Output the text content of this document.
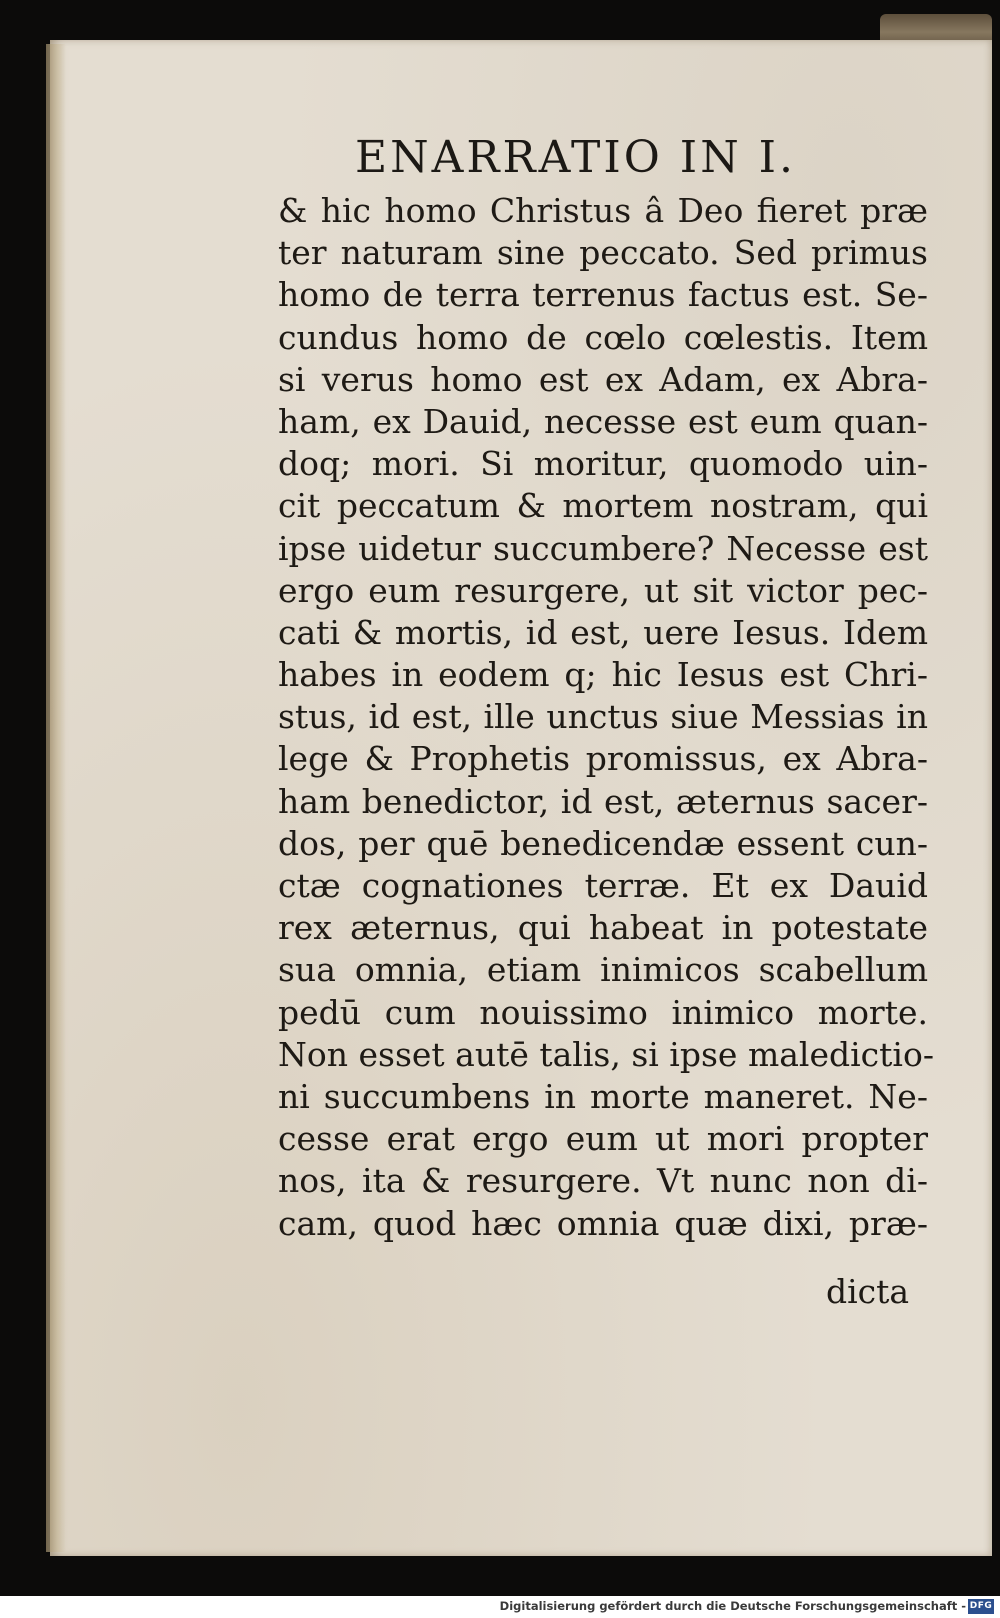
ENARRATIO IN I.
& hic homo Christus â Deo fieret præ
ter naturam sine peccato. Sed primus
homo de terra terrenus factus est. Se-
cundus homo de cœlo cœlestis. Item
si verus homo est ex Adam, ex Abra-
ham, ex Dauid, necesse est eum quan-
doq; mori. Si moritur, quomodo uin-
cit peccatum & mortem nostram, qui
ipse uidetur succumbere? Necesse est
ergo eum resurgere, ut sit victor pec-
cati & mortis, id est, uere Iesus. Idem
habes in eodem q; hic Iesus est Chri-
stus, id est, ille unctus siue Messias in
lege & Prophetis promissus, ex Abra-
ham benedictor, id est, æternus sacer-
dos, per quē benedicendæ essent cun-
ctæ cognationes terræ. Et ex Dauid
rex æternus, qui habeat in potestate
sua omnia, etiam inimicos scabellum
pedū cum nouissimo inimico morte.
Non esset autē talis, si ipse maledictio-
ni succumbens in morte maneret. Ne-
cesse erat ergo eum ut mori propter
nos, ita & resurgere. Vt nunc non di-
cam, quod hæc omnia quæ dixi, præ-
dicta
Digitalisierung gefördert durch die Deutsche Forschungsgemeinschaft - DFG
